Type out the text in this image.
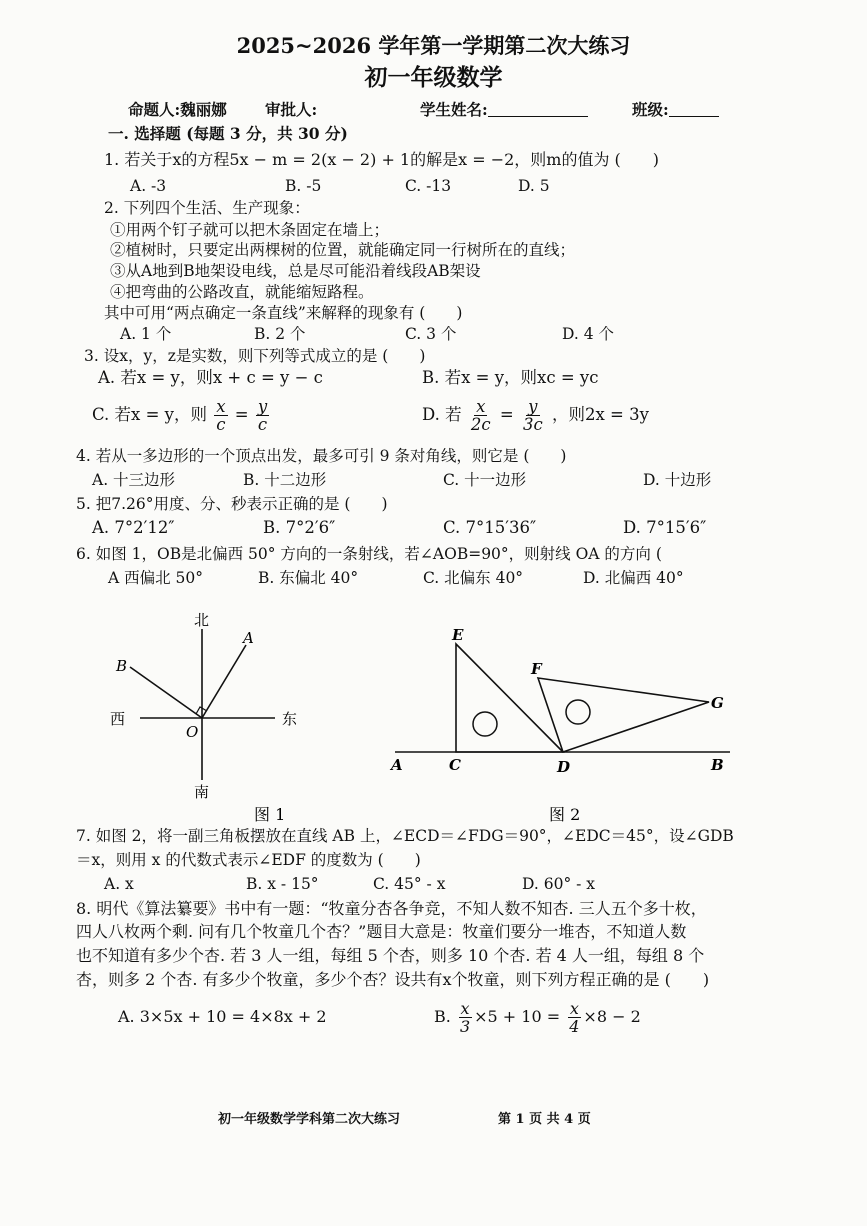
2025~2026 学年第一学期第二次大练习
初一年级数学
命题人:魏丽娜 审批人:	学生姓名:	班级:
一. 选择题 (每题 3 分，共 30 分)
1. 若关于x的方程5x − m = 2(x − 2) + 1的解是x = −2，则m的值为 (　　)
A. -3	B. -5	C. -13	D. 5
2. 下列四个生活、生产现象：
①用两个钉子就可以把木条固定在墙上；
②植树时，只要定出两棵树的位置，就能确定同一行树所在的直线；
③从A地到B地架设电线，总是尽可能沿着线段AB架设
④把弯曲的公路改直，就能缩短路程。
其中可用“两点确定一条直线”来解释的现象有 (　　)
A. 1 个	B. 2 个	C. 3 个	D. 4 个
3. 设x，y，z是实数，则下列等式成立的是 (　　)
A. 若x = y，则x + c = y − c	B. 若x = y，则xc = yc
C. 若x = y，则 $\frac{x}{c} = \frac{y}{c}$	D. 若 $\frac{x}{2c} = \frac{y}{3c}$ ，则2x = 3y
4. 若从一多边形的一个顶点出发，最多可引 9 条对角线，则它是 (　　)
A. 十三边形	B. 十二边形	C. 十一边形	D. 十边形
5. 把7.26°用度、分、秒表示正确的是 (　　)
A. 7°2′12″	B. 7°2′6″	C. 7°15′36″	D. 7°15′6″
6. 如图 1，OB是北偏西 50° 方向的一条射线，若∠AOB=90°，则射线 OA 的方向 (
A 西偏北 50°	B. 东偏北 40°	C. 北偏东 40°	D. 北偏西 40°
北
南
西	东
A
B
O
图 1
E
F
G
A	C	D	B
图 2
7. 如图 2，将一副三角板摆放在直线 AB 上，∠ECD＝∠FDG＝90°，∠EDC＝45°，设∠GDB
＝x，则用 x 的代数式表示∠EDF 的度数为 (　　)
A. x	B. x - 15°	C. 45° - x	D. 60° - x
8. 明代《算法纂要》书中有一题：“牧童分杏各争竞，不知人数不知杏. 三人五个多十枚，
四人八枚两个剩. 问有几个牧童几个杏？”题目大意是：牧童们要分一堆杏，不知道人数
也不知道有多少个杏. 若 3 人一组，每组 5 个杏，则多 10 个杏. 若 4 人一组，每组 8 个
杏，则多 2 个杏. 有多少个牧童，多少个杏？设共有x个牧童，则下列方程正确的是 (　　)
A. 3×5x + 10 = 4×8x + 2	B. $\frac{x}{3} \times 5 + 10 = \frac{x}{4} \times 8 - 2$
初一年级数学学科第二次大练习	第 1 页 共 4 页
